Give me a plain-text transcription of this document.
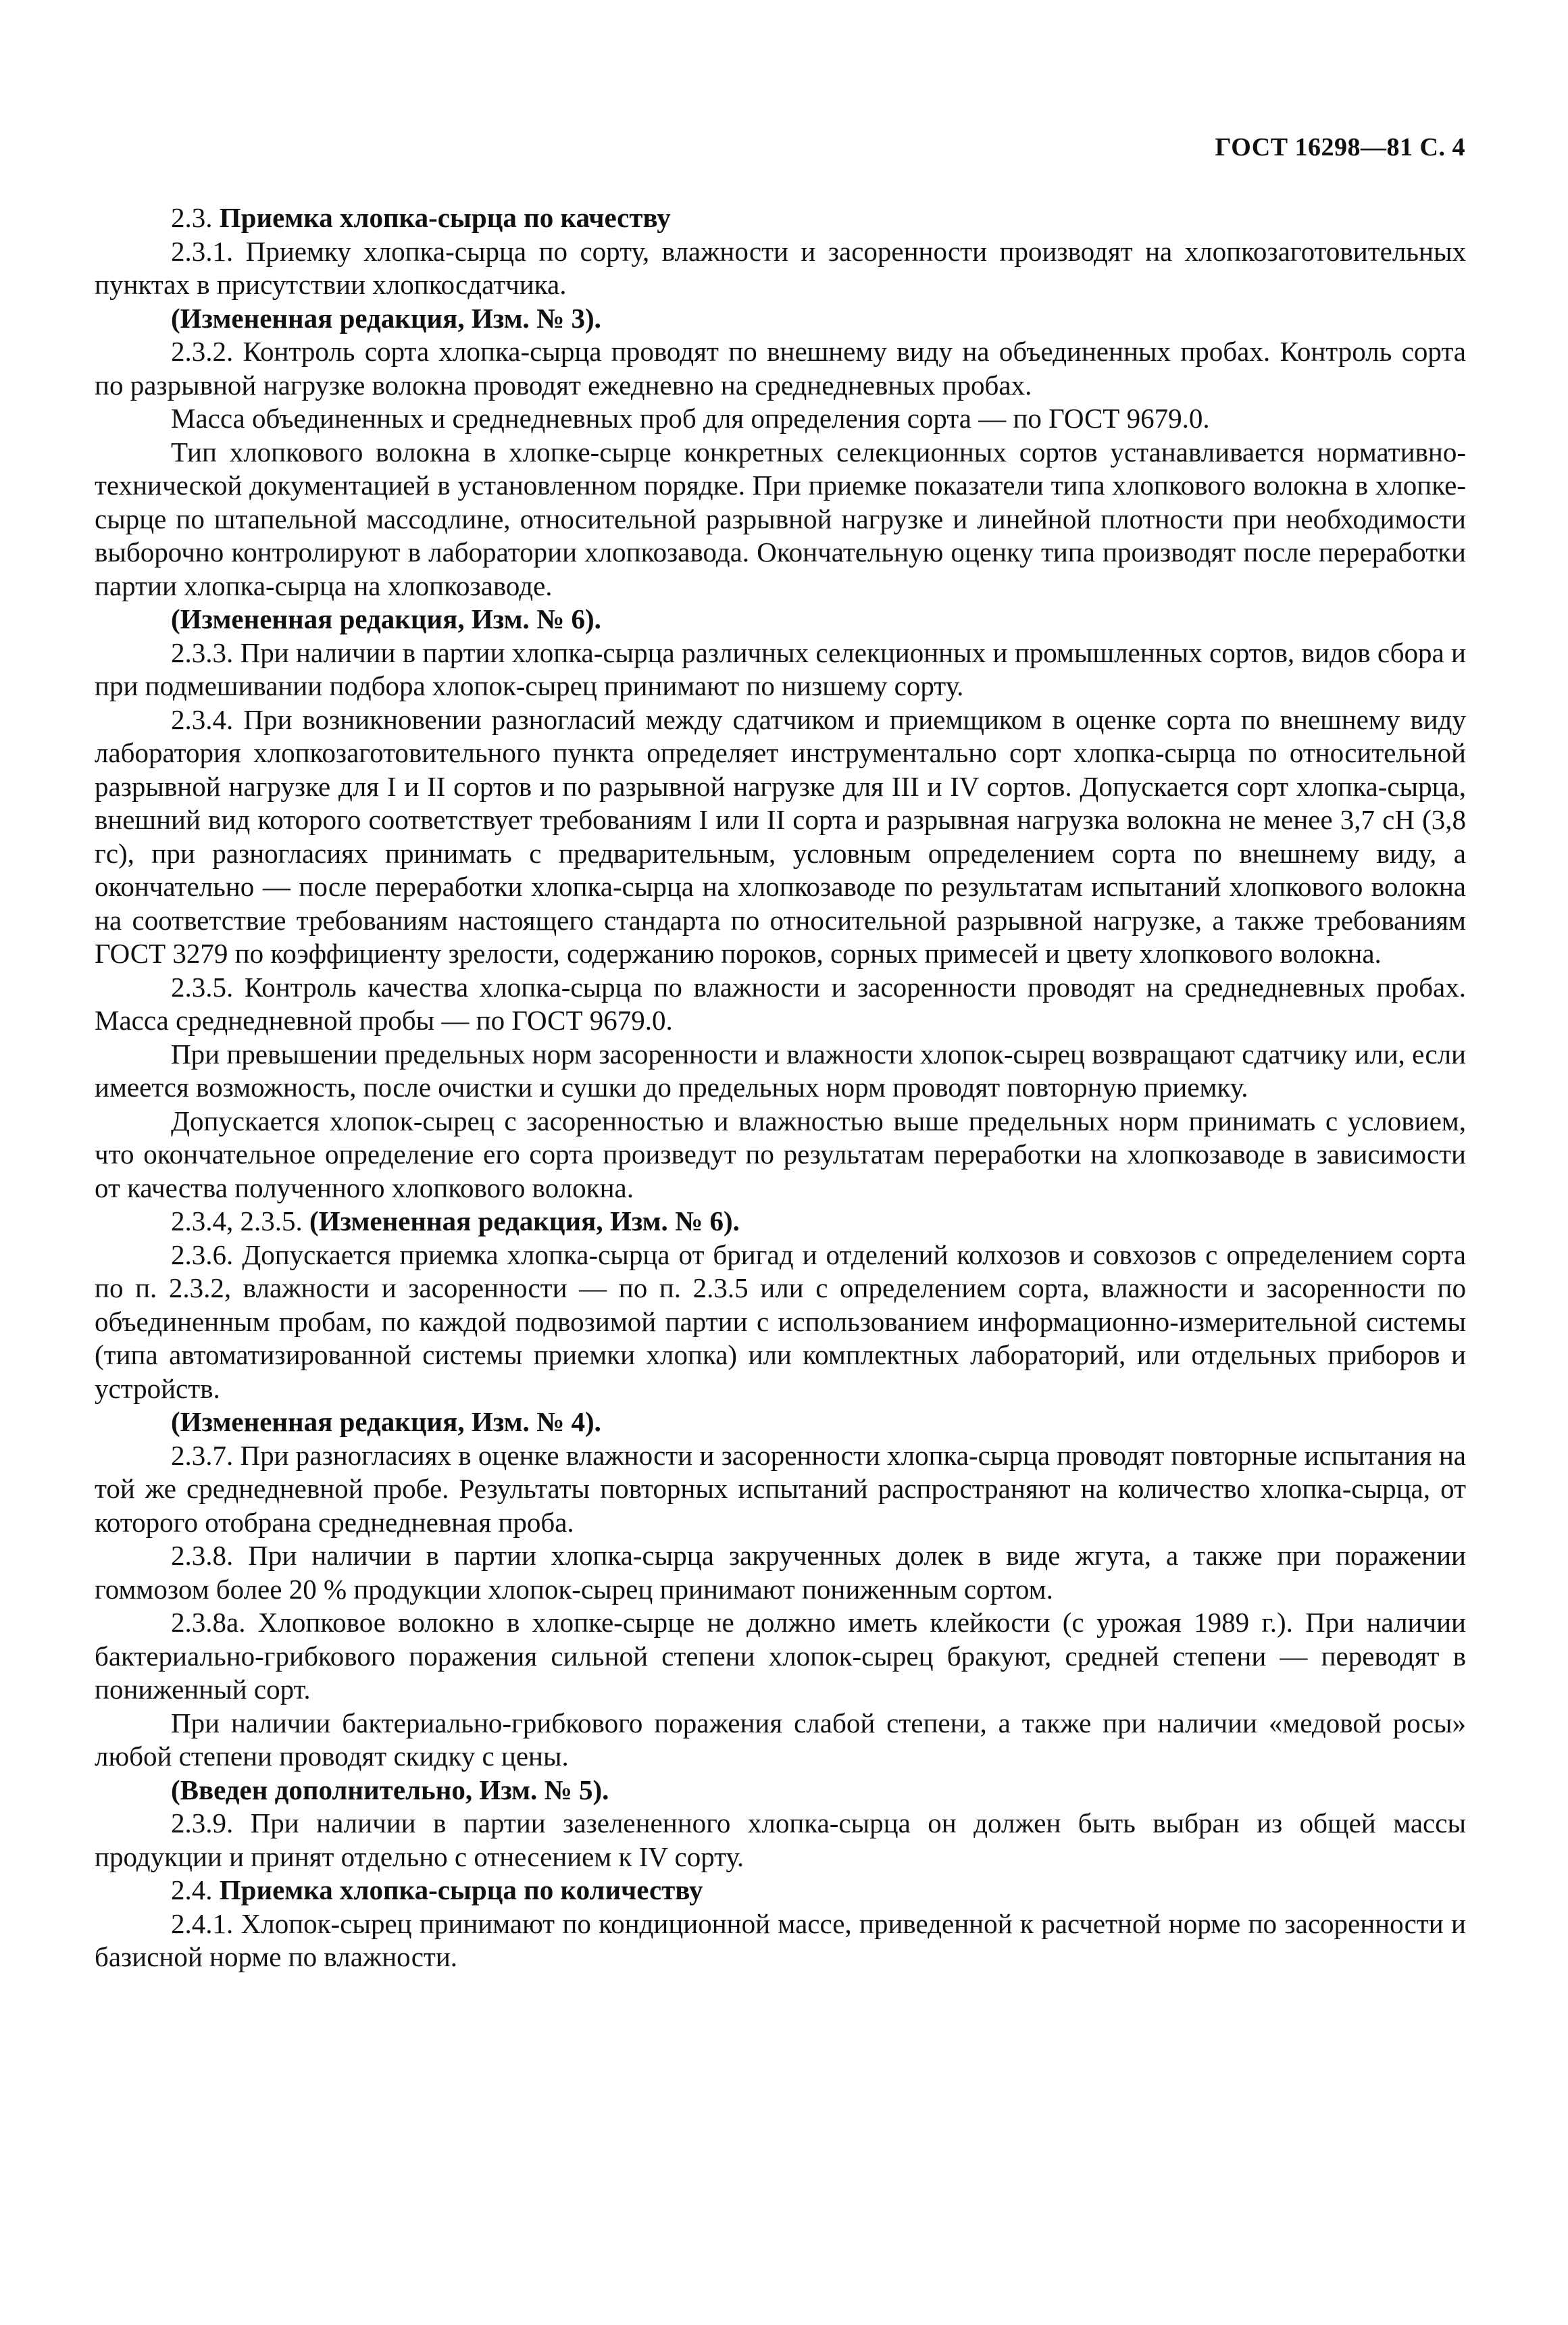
ГОСТ 16298—81 С. 4

2.3. Приемка хлопка-сырца по качеству

2.3.1. Приемку хлопка-сырца по сорту, влажности и засоренности производят на хлопкозаготовительных пунктах в присутствии хлопкосдатчика.

(Измененная редакция, Изм. № 3).

2.3.2. Контроль сорта хлопка-сырца проводят по внешнему виду на объединенных пробах. Контроль сорта по разрывной нагрузке волокна проводят ежедневно на среднедневных пробах.

Масса объединенных и среднедневных проб для определения сорта — по ГОСТ 9679.0.

Тип хлопкового волокна в хлопке-сырце конкретных селекционных сортов устанавливается нормативно-технической документацией в установленном порядке. При приемке показатели типа хлопкового волокна в хлопке-сырце по штапельной массодлине, относительной разрывной нагрузке и линейной плотности при необходимости выборочно контролируют в лаборатории хлопкозавода. Окончательную оценку типа производят после переработки партии хлопка-сырца на хлопкозаводе.

(Измененная редакция, Изм. № 6).

2.3.3. При наличии в партии хлопка-сырца различных селекционных и промышленных сортов, видов сбора и при подмешивании подбора хлопок-сырец принимают по низшему сорту.

2.3.4. При возникновении разногласий между сдатчиком и приемщиком в оценке сорта по внешнему виду лаборатория хлопкозаготовительного пункта определяет инструментально сорт хлопка-сырца по относительной разрывной нагрузке для I и II сортов и по разрывной нагрузке для III и IV сортов. Допускается сорт хлопка-сырца, внешний вид которого соответствует требованиям I или II сорта и разрывная нагрузка волокна не менее 3,7 сН (3,8 гс), при разногласиях принимать с предварительным, условным определением сорта по внешнему виду, а окончательно — после переработки хлопка-сырца на хлопкозаводе по результатам испытаний хлопкового волокна на соответствие требованиям настоящего стандарта по относительной разрывной нагрузке, а также требованиям ГОСТ 3279 по коэффициенту зрелости, содержанию пороков, сорных примесей и цвету хлопкового волокна.

2.3.5. Контроль качества хлопка-сырца по влажности и засоренности проводят на среднедневных пробах. Масса среднедневной пробы — по ГОСТ 9679.0.

При превышении предельных норм засоренности и влажности хлопок-сырец возвращают сдатчику или, если имеется возможность, после очистки и сушки до предельных норм проводят повторную приемку.

Допускается хлопок-сырец с засоренностью и влажностью выше предельных норм принимать с условием, что окончательное определение его сорта произведут по результатам переработки на хлопкозаводе в зависимости от качества полученного хлопкового волокна.

2.3.4, 2.3.5. (Измененная редакция, Изм. № 6).

2.3.6. Допускается приемка хлопка-сырца от бригад и отделений колхозов и совхозов с определением сорта по п. 2.3.2, влажности и засоренности — по п. 2.3.5 или с определением сорта, влажности и засоренности по объединенным пробам, по каждой подвозимой партии с использованием информационно-измерительной системы (типа автоматизированной системы приемки хлопка) или комплектных лабораторий, или отдельных приборов и устройств.

(Измененная редакция, Изм. № 4).

2.3.7. При разногласиях в оценке влажности и засоренности хлопка-сырца проводят повторные испытания на той же среднедневной пробе. Результаты повторных испытаний распространяют на количество хлопка-сырца, от которого отобрана среднедневная проба.

2.3.8. При наличии в партии хлопка-сырца закрученных долек в виде жгута, а также при поражении гоммозом более 20 % продукции хлопок-сырец принимают пониженным сортом.

2.3.8а. Хлопковое волокно в хлопке-сырце не должно иметь клейкости (с урожая 1989 г.). При наличии бактериально-грибкового поражения сильной степени хлопок-сырец бракуют, средней степени — переводят в пониженный сорт.

При наличии бактериально-грибкового поражения слабой степени, а также при наличии «медовой росы» любой степени проводят скидку с цены.

(Введен дополнительно, Изм. № 5).

2.3.9. При наличии в партии зазелененного хлопка-сырца он должен быть выбран из общей массы продукции и принят отдельно с отнесением к IV сорту.

2.4. Приемка хлопка-сырца по количеству

2.4.1. Хлопок-сырец принимают по кондиционной массе, приведенной к расчетной норме по засоренности и базисной норме по влажности.
